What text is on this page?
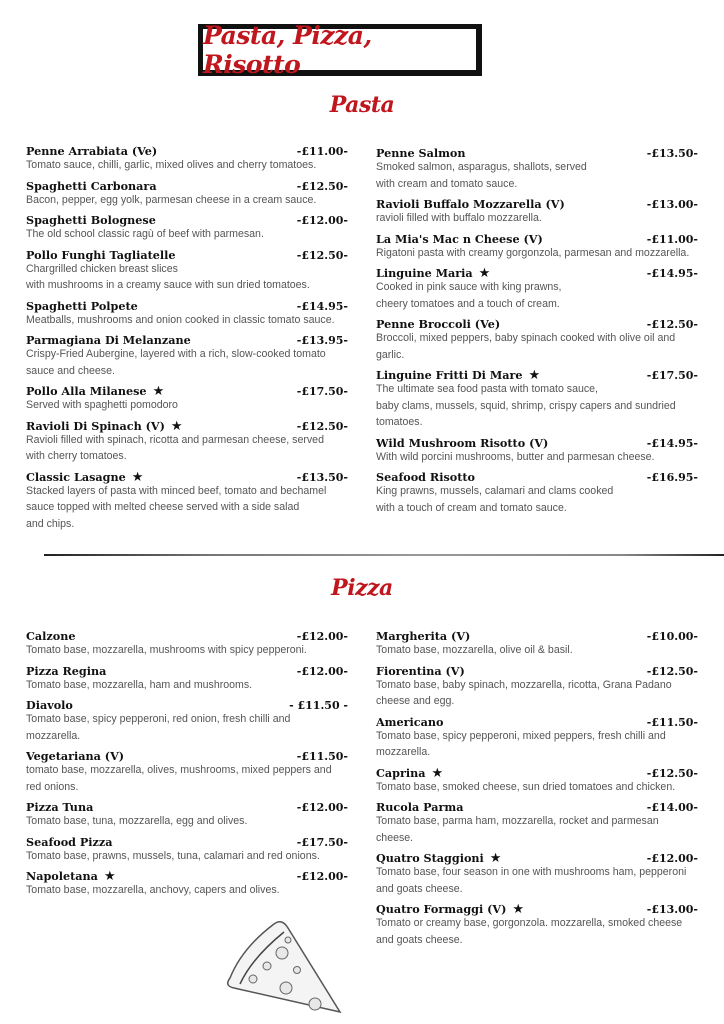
Pasta, Pizza, Risotto
Pasta
Penne Arrabiata (Ve)	-£11.00-
Tomato sauce, chilli, garlic, mixed olives and cherry tomatoes.
Spaghetti Carbonara	-£12.50-
Bacon, pepper, egg yolk, parmesan cheese in a cream sauce.
Spaghetti Bolognese	-£12.00-
The old school classic ragù of beef with parmesan.
Pollo Funghi Tagliatelle	-£12.50-
Chargrilled chicken breast slices
with mushrooms in a creamy sauce with sun dried tomatoes.
Spaghetti Polpete	-£14.95-
Meatballs, mushrooms and onion cooked in classic tomato sauce.
Parmagiana Di Melanzane	-£13.95-
Crispy-Fried Aubergine, layered with a rich, slow-cooked tomato
sauce and cheese.
Pollo Alla Milanese ★	-£17.50-
Served with spaghetti pomodoro
Ravioli Di Spinach (V) ★	-£12.50-
Ravioli filled with spinach, ricotta and parmesan cheese, served
with cherry tomatoes.
Classic Lasagne ★	-£13.50-
Stacked layers of pasta with minced beef, tomato and bechamel
sauce topped with melted cheese served with a side salad
and chips.
Penne Salmon	-£13.50-
Smoked salmon, asparagus, shallots, served
with cream and tomato sauce.
Ravioli Buffalo Mozzarella (V)	-£13.00-
ravioli filled with buffalo mozzarella.
La Mia's Mac n Cheese (V)	-£11.00-
Rigatoni pasta with creamy gorgonzola, parmesan and mozzarella.
Linguine Maria ★	-£14.95-
Cooked in pink sauce with king prawns,
cheery tomatoes and a touch of cream.
Penne Broccoli (Ve)	-£12.50-
Broccoli, mixed peppers, baby spinach cooked with olive oil and
garlic.
Linguine Fritti Di Mare ★	-£17.50-
The ultimate sea food pasta with tomato sauce,
baby clams, mussels, squid, shrimp, crispy capers and sundried
tomatoes.
Wild Mushroom Risotto (V)	-£14.95-
With wild porcini mushrooms, butter and parmesan cheese.
Seafood Risotto	-£16.95-
King prawns, mussels, calamari and clams cooked
with a touch of cream and tomato sauce.
Pizza
Calzone	-£12.00-
Tomato base, mozzarella, mushrooms with spicy pepperoni.
Pizza Regina	-£12.00-
Tomato base, mozzarella, ham and mushrooms.
Diavolo	- £11.50 -
Tomato base, spicy pepperoni, red onion, fresh chilli and
mozzarella.
Vegetariana (V)	-£11.50-
tomato base, mozzarella, olives, mushrooms, mixed peppers and
red onions.
Pizza Tuna	-£12.00-
Tomato base, tuna, mozzarella, egg and olives.
Seafood Pizza	-£17.50-
Tomato base, prawns, mussels, tuna, calamari and red onions.
Napoletana ★	-£12.00-
Tomato base, mozzarella, anchovy, capers and olives.
Margherita (V)	-£10.00-
Tomato base, mozzarella, olive oil & basil.
Fiorentina (V)	-£12.50-
Tomato base, baby spinach, mozzarella, ricotta, Grana Padano
cheese and egg.
Americano	-£11.50-
Tomato base, spicy pepperoni, mixed peppers, fresh chilli and
mozzarella.
Caprina ★	-£12.50-
Tomato base, smoked cheese, sun dried tomatoes and chicken.
Rucola Parma	-£14.00-
Tomato base, parma ham, mozzarella, rocket and parmesan
cheese.
Quatro Staggioni ★	-£12.00-
Tomato base, four season in one with mushrooms ham, pepperoni
and goats cheese.
Quatro Formaggi (V) ★	-£13.00-
Tomato or creamy base, gorgonzola. mozzarella, smoked cheese
and goats cheese.
